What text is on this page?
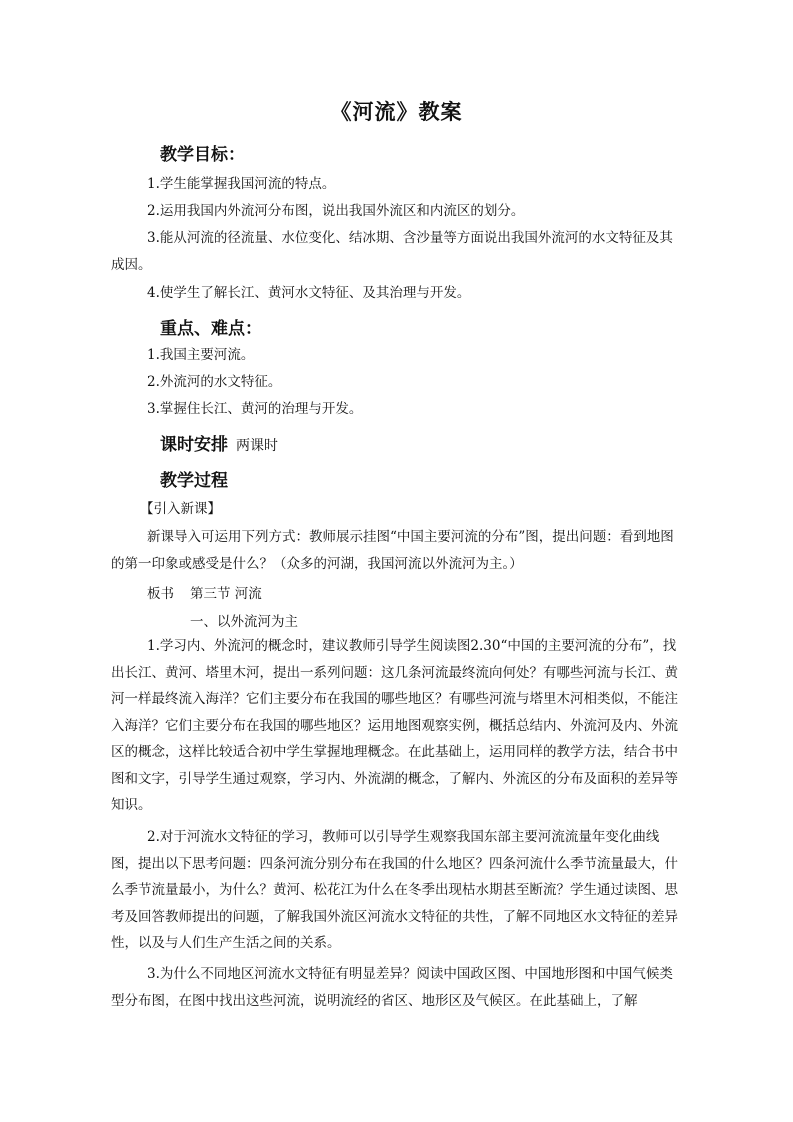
《河流》教案
教学目标：
1.学生能掌握我国河流的特点。
2.运用我国内外流河分布图，说出我国外流区和内流区的划分。
3.能从河流的径流量、水位变化、结冰期、含沙量等方面说出我国外流河的水文特征及其成因。
4.使学生了解长江、黄河水文特征、及其治理与开发。
重点、难点：
1.我国主要河流。
2.外流河的水文特征。
3.掌握住长江、黄河的治理与开发。
课时安排 两课时
教学过程
【引入新课】
新课导入可运用下列方式：教师展示挂图“中国主要河流的分布”图，提出问题：看到地图的第一印象或感受是什么？（众多的河湖，我国河流以外流河为主。）
板书 第三节 河流
一、以外流河为主
1.学习内、外流河的概念时，建议教师引导学生阅读图2.30“中国的主要河流的分布”，找出长江、黄河、塔里木河，提出一系列问题：这几条河流最终流向何处？有哪些河流与长江、黄河一样最终流入海洋？它们主要分布在我国的哪些地区？有哪些河流与塔里木河相类似，不能注入海洋？它们主要分布在我国的哪些地区？运用地图观察实例，概括总结内、外流河及内、外流区的概念，这样比较适合初中学生掌握地理概念。在此基础上，运用同样的教学方法，结合书中图和文字，引导学生通过观察，学习内、外流湖的概念，了解内、外流区的分布及面积的差异等知识。
2.对于河流水文特征的学习，教师可以引导学生观察我国东部主要河流流量年变化曲线图，提出以下思考问题：四条河流分别分布在我国的什么地区？四条河流什么季节流量最大，什么季节流量最小，为什么？黄河、松花江为什么在冬季出现枯水期甚至断流？学生通过读图、思考及回答教师提出的问题，了解我国外流区河流水文特征的共性，了解不同地区水文特征的差异性，以及与人们生产生活之间的关系。
3.为什么不同地区河流水文特征有明显差异？阅读中国政区图、中国地形图和中国气候类型分布图，在图中找出这些河流，说明流经的省区、地形区及气候区。在此基础上，了解
